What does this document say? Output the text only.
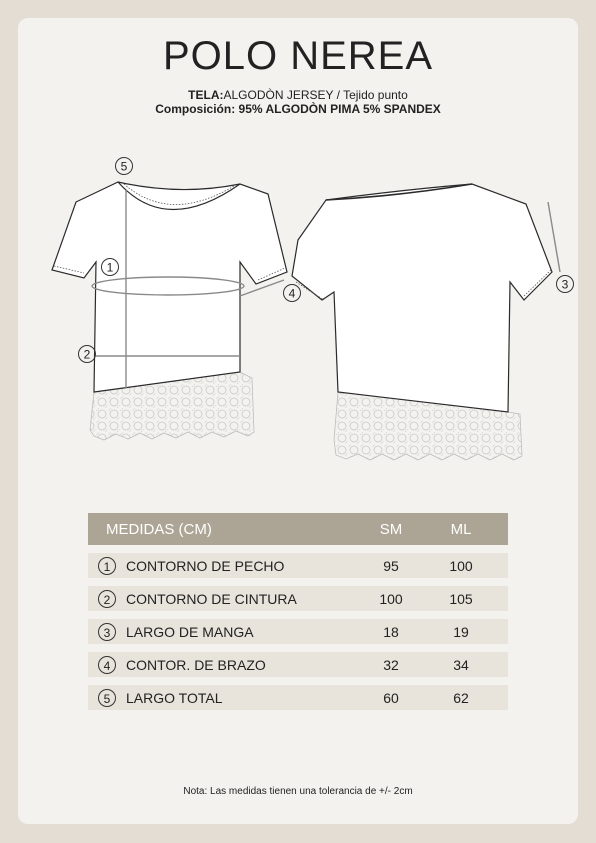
POLO NEREA
TELA:ALGODÒN JERSEY / Tejido punto
Composición: 95% ALGODÒN PIMA 5% SPANDEX
5
1
2
4
3
MEDIDAS (CM)	SM	ML
1	CONTORNO DE PECHO	95	100
2	CONTORNO DE CINTURA	100	105
3	LARGO DE MANGA	18	19
4	CONTOR. DE BRAZO	32	34
5	LARGO TOTAL	60	62
Nota: Las medidas tienen una tolerancia de +/- 2cm
